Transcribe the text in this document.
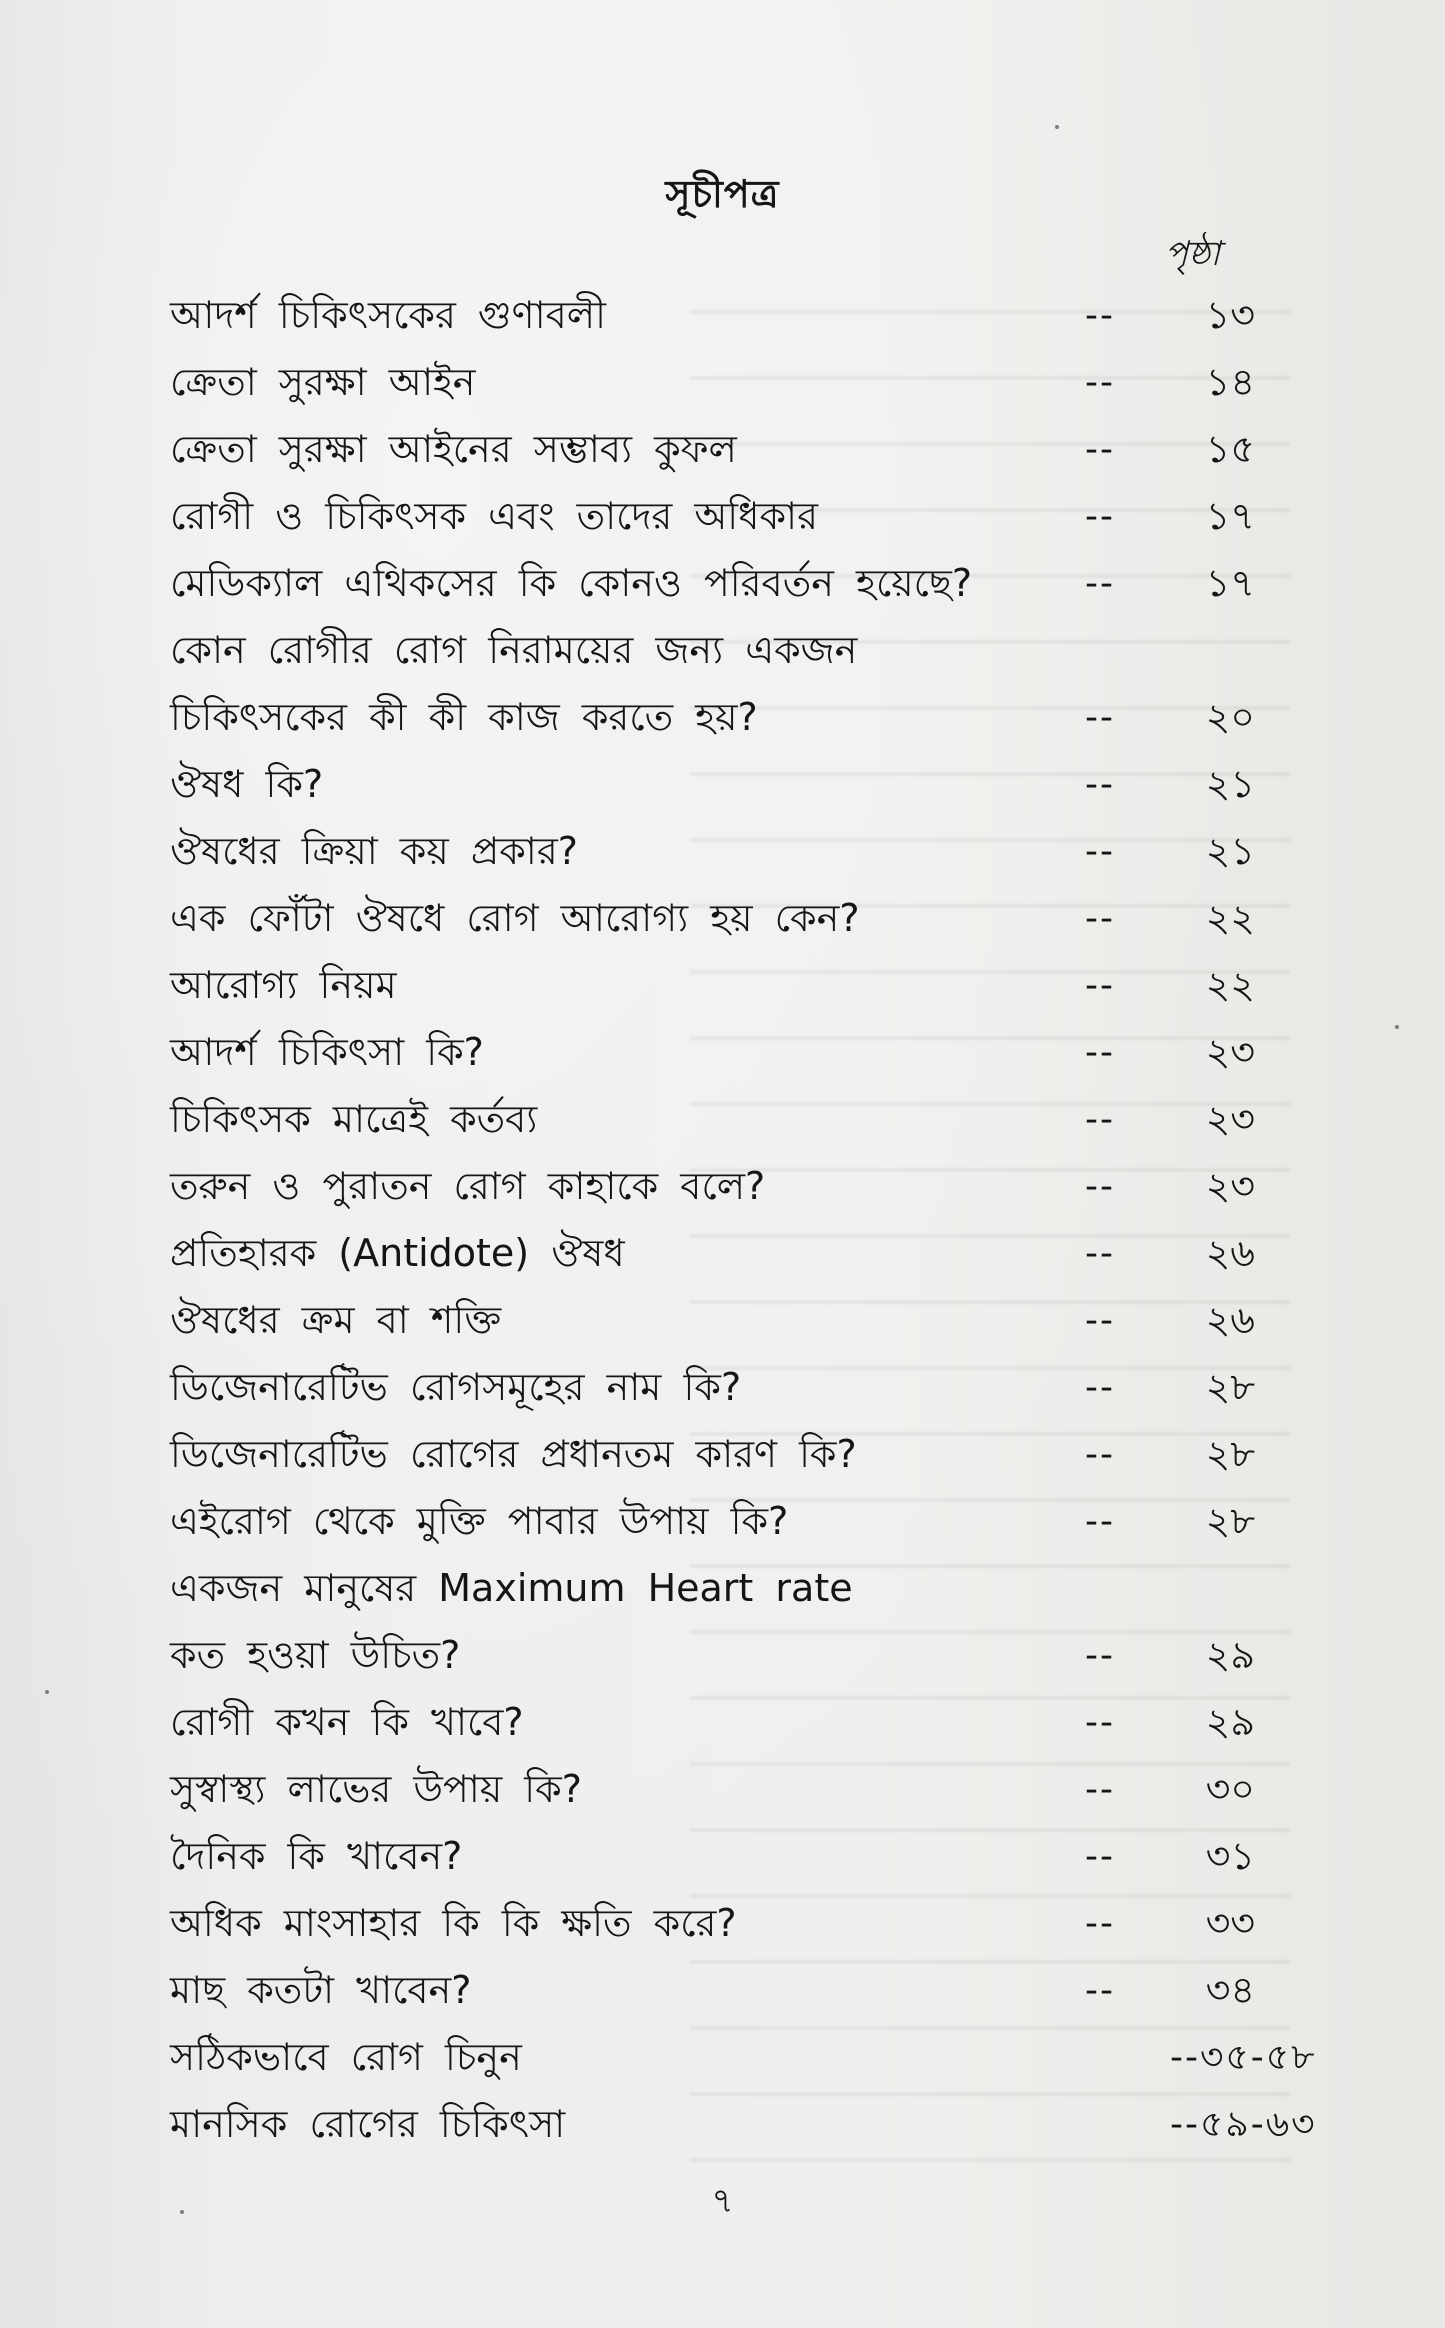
সূচীপত্র
পৃষ্ঠা
আদর্শ চিকিৎসকের গুণাবলী	-- ১৩
ক্রেতা সুরক্ষা আইন	-- ১৪
ক্রেতা সুরক্ষা আইনের সম্ভাব্য কুফল	-- ১৫
রোগী ও চিকিৎসক এবং তাদের অধিকার	-- ১৭
মেডিক্যাল এথিকসের কি কোনও পরিবর্তন হয়েছে?	-- ১৭
কোন রোগীর রোগ নিরাময়ের জন্য একজন
চিকিৎসকের কী কী কাজ করতে হয়?	-- ২০
ঔষধ কি?	-- ২১
ঔষধের ক্রিয়া কয় প্রকার?	-- ২১
এক ফোঁটা ঔষধে রোগ আরোগ্য হয় কেন?	-- ২২
আরোগ্য নিয়ম	-- ২২
আদর্শ চিকিৎসা কি?	-- ২৩
চিকিৎসক মাত্রেই কর্তব্য	-- ২৩
তরুন ও পুরাতন রোগ কাহাকে বলে?	-- ২৩
প্রতিহারক (Antidote) ঔষধ	-- ২৬
ঔষধের ক্রম বা শক্তি	-- ২৬
ডিজেনারেটিভ রোগসমূহের নাম কি?	-- ২৮
ডিজেনারেটিভ রোগের প্রধানতম কারণ কি?	-- ২৮
এইরোগ থেকে মুক্তি পাবার উপায় কি?	-- ২৮
একজন মানুষের Maximum Heart rate
কত হওয়া উচিত?	-- ২৯
রোগী কখন কি খাবে?	-- ২৯
সুস্বাস্থ্য লাভের উপায় কি?	-- ৩০
দৈনিক কি খাবেন?	-- ৩১
অধিক মাংসাহার কি কি ক্ষতি করে?	-- ৩৩
মাছ কতটা খাবেন?	-- ৩৪
সঠিকভাবে রোগ চিনুন	--৩৫-৫৮
মানসিক রোগের চিকিৎসা	--৫৯-৬৩
৭
